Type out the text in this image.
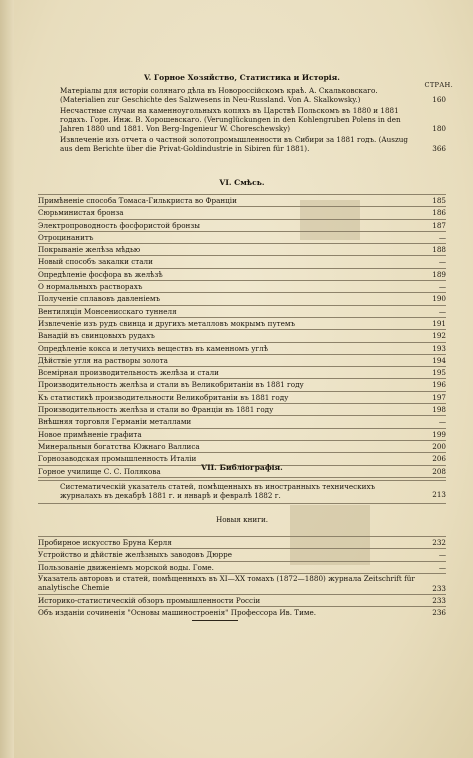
СТРАН.

V. Горное Хозяйство, Статистика и Исторія.

Матеріалы для исторіи солянаго дѣла въ Новороссійскомъ краѣ. А. Скальковскаго. (Materialien zur Geschichte des Salzwesens in Neu-Russland. Von A. Skalkowsky.)	160
Несчастные случаи на каменноугольныхъ копяхъ въ Царствѣ Польскомъ въ 1880 и 1881 годахъ. Горн. Инж. В. Хорошевскаго. (Verunglückungen in den Kohlengruben Polens in den Jahren 1880 und 1881. Von Berg-Ingenieur W. Choreschewsky)	180
Извлеченіе изъ отчета о частной золотопромышленности въ Сибири за 1881 годъ. (Auszug aus dem Berichte über die Privat-Goldindustrie in Sibiren für 1881).	366

VI. Смѣсь.

Примѣненіе способа Томаса-Гилькриста во Франціи	185
Сюрьминистая бронза	186
Электропроводность фосфористой бронзы	187
Отроцинанитъ	—
Покрываніе желѣза мѣдью	188
Новый способъ закалки стали	—
Опредѣленіе фосфора въ желѣзѣ	189
О нормальныхъ растворахъ	—
Полученіе сплавовъ давленіемъ	190
Вентиляція Монсенисскаго туннеля	—
Извлеченіе изъ рудъ свинца и другихъ металловъ мокрымъ путемъ	191
Ванадій въ свинцовыхъ рудахъ	192
Опредѣленіе кокса и летучихъ веществъ въ каменномъ углѣ	193
Дѣйствіе угля на растворы золота	194
Всемірная производительность желѣза и стали	195
Производительность желѣза и стали въ Великобританіи въ 1881 году	196
Къ статистикѣ производительности Великобританіи въ 1881 году	197
Производительность желѣза и стали во Франціи въ 1881 году	198
Внѣшняя торговля Германіи металлами	—
Новое примѣненіе графита	199
Минеральныя богатства Южнаго Валлиса	200
Горнозаводская промышленность Италіи	206
Горное училище С. С. Полякова	208

VII. Библіографія.

Систематическій указатель статей, помѣщенныхъ въ иностранныхъ техническихъ журналахъ въ декабрѣ 1881 г. и январѣ и февралѣ 1882 г.	213

Новыя книги.

Пробирное искусство Бруна Керля	232
Устройство и дѣйствіе желѣзныхъ заводовъ Дюрре	—
Пользованіе движеніемъ морской воды. Гоме.	—
Указатель авторовъ и статей, помѣщенныхъ въ XI—XX томахъ (1872—1880) журнала Zeitschrift für analytische Chemie	233
Историко-статистическій обзоръ промышленности Россіи	233
Объ изданіи сочиненія "Основы машиностроенія" Профессора Ив. Тиме.	236
